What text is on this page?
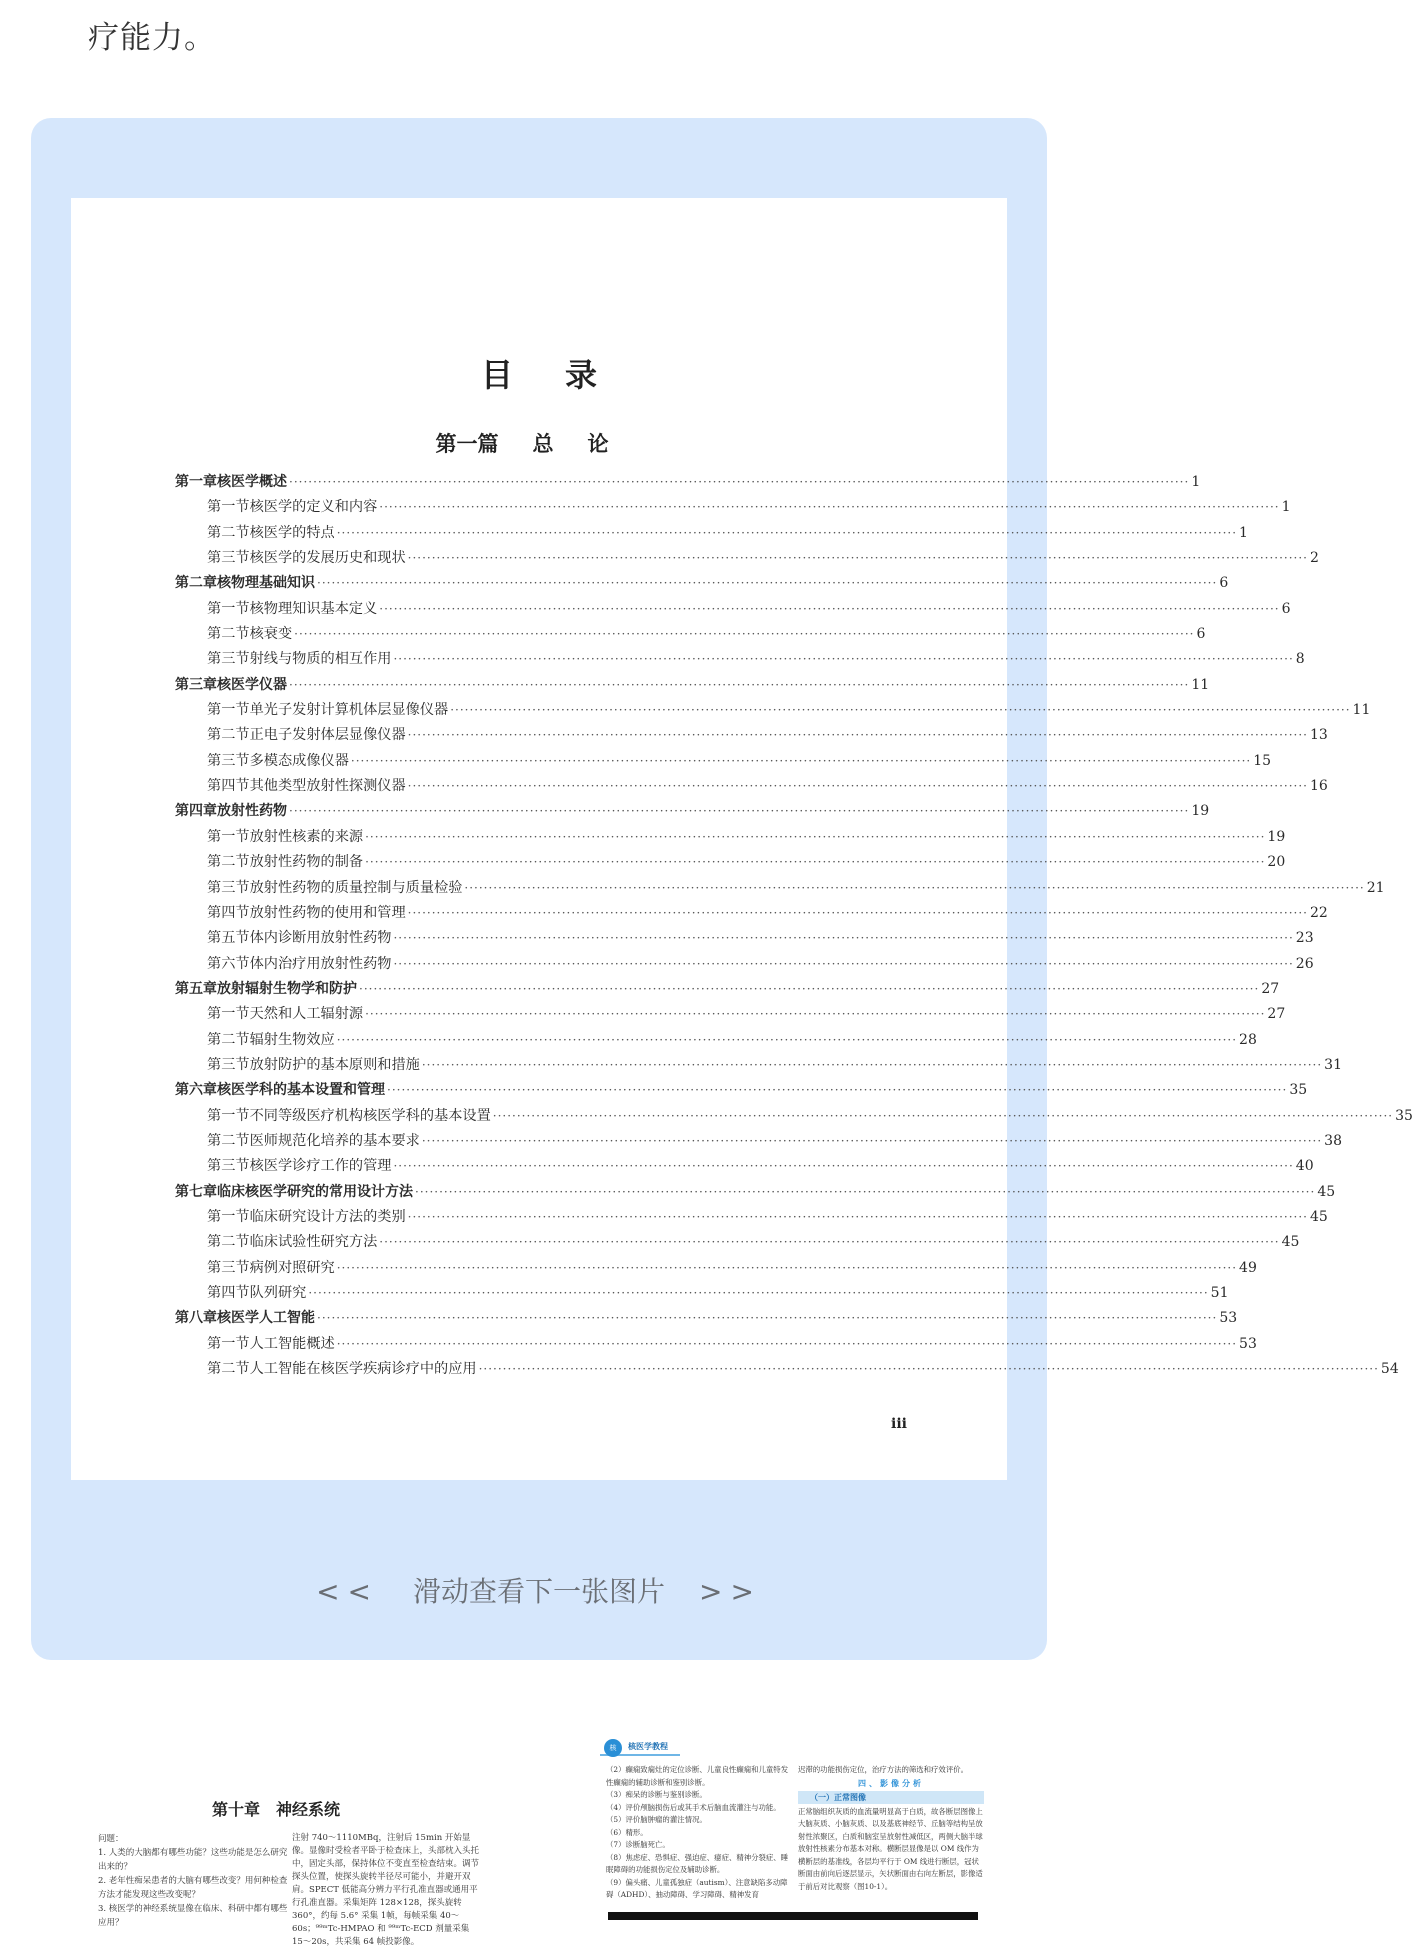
疗能力。
目录
第一篇 总论
第一章 核医学概述 ·····	1
第一节 核医学的定义和内容 ·····	1
第二节 核医学的特点 ·····	1
第三节 核医学的发展历史和现状 ·····	2
第二章 核物理基础知识 ·····	6
第一节 核物理知识基本定义 ·····	6
第二节 核衰变 ·····	6
第三节 射线与物质的相互作用 ·····	8
第三章 核医学仪器 ·····	11
第一节 单光子发射计算机体层显像仪器 ·····	11
第二节 正电子发射体层显像仪器 ·····	13
第三节 多模态成像仪器 ·····	15
第四节 其他类型放射性探测仪器 ·····	16
第四章 放射性药物 ·····	19
第一节 放射性核素的来源 ·····	19
第二节 放射性药物的制备 ·····	20
第三节 放射性药物的质量控制与质量检验 ·····	21
第四节 放射性药物的使用和管理 ·····	22
第五节 体内诊断用放射性药物 ·····	23
第六节 体内治疗用放射性药物 ·····	26
第五章 放射辐射生物学和防护 ·····	27
第一节 天然和人工辐射源 ·····	27
第二节 辐射生物效应 ·····	28
第三节 放射防护的基本原则和措施 ·····	31
第六章 核医学科的基本设置和管理 ·····	35
第一节 不同等级医疗机构核医学科的基本设置 ·····	35
第二节 医师规范化培养的基本要求 ·····	38
第三节 核医学诊疗工作的管理 ·····	40
第七章 临床核医学研究的常用设计方法 ·····	45
第一节 临床研究设计方法的类别 ·····	45
第二节 临床试验性研究方法 ·····	45
第三节 病例对照研究 ·····	49
第四节 队列研究 ·····	51
第八章 核医学人工智能 ·····	53
第一节 人工智能概述 ·····	53
第二节 人工智能在核医学疾病诊疗中的应用 ·····	54
iii
<< 滑动查看下一张图片 >>
第十章　神经系统
问题：
1. 人类的大脑都有哪些功能？这些功能是怎么研究出来的？
2. 老年性痴呆患者的大脑有哪些改变？用何种检查方法才能发现这些改变呢？
3. 核医学的神经系统显像在临床、科研中都有哪些应用？
注射 740～1110MBq，注射后 15min 开始显像。显像时受检者平卧于检查床上，头部枕入头托中，固定头部，保持体位不变直至检查结束。调节探头位置，使探头旋转半径尽可能小，并避开双肩。SPECT 低能高分辨力平行孔准直器或通用平行孔准直器。采集矩阵 128×128，探头旋转 360°，约每 5.6° 采集 1帧，每帧采集 40～60s；⁹⁹ᵐTc-HMPAO 和 ⁹⁹ᵐTc-ECD 剂量采集 15～20s，共采集 64 帧投影像。
核	核医学教程
（2）癫痫致痫灶的定位诊断、儿童良性癫痫和儿童特发性癫痫的辅助诊断和鉴别诊断。
（3）痴呆的诊断与鉴别诊断。
（4）评价颅脑损伤后或其手术后脑血流灌注与功能。
（5）评价脑肿瘤的灌注情况。
（6）精形。
（7）诊断脑死亡。
（8）焦虑症、恐惧症、强迫症、癔症、精神分裂症、睡眠障碍的功能损伤定位及辅助诊断。
（9）偏头痛、儿童孤独症（autism）、注意缺陷多动障碍（ADHD）、抽动障碍、学习障碍、精神发育
迟滞的功能损伤定位，治疗方法的筛选和疗效评价。
四、影像分析
（一）正常图像
正常脑组织灰质的血流量明显高于白质，故各断层图像上大脑灰质、小脑灰质、以及基底神经节、丘脑等结构呈放射性浓聚区，白质和脑室呈放射性减低区，两侧大脑半球放射性核素分布基本对称。横断层显像是以 OM 线作为横断层的基准线，各层均平行于 OM 线进行断层，冠状断面由前向后逐层显示，矢状断面由右向左断层，影像适于前后对比观察（图10-1）。
